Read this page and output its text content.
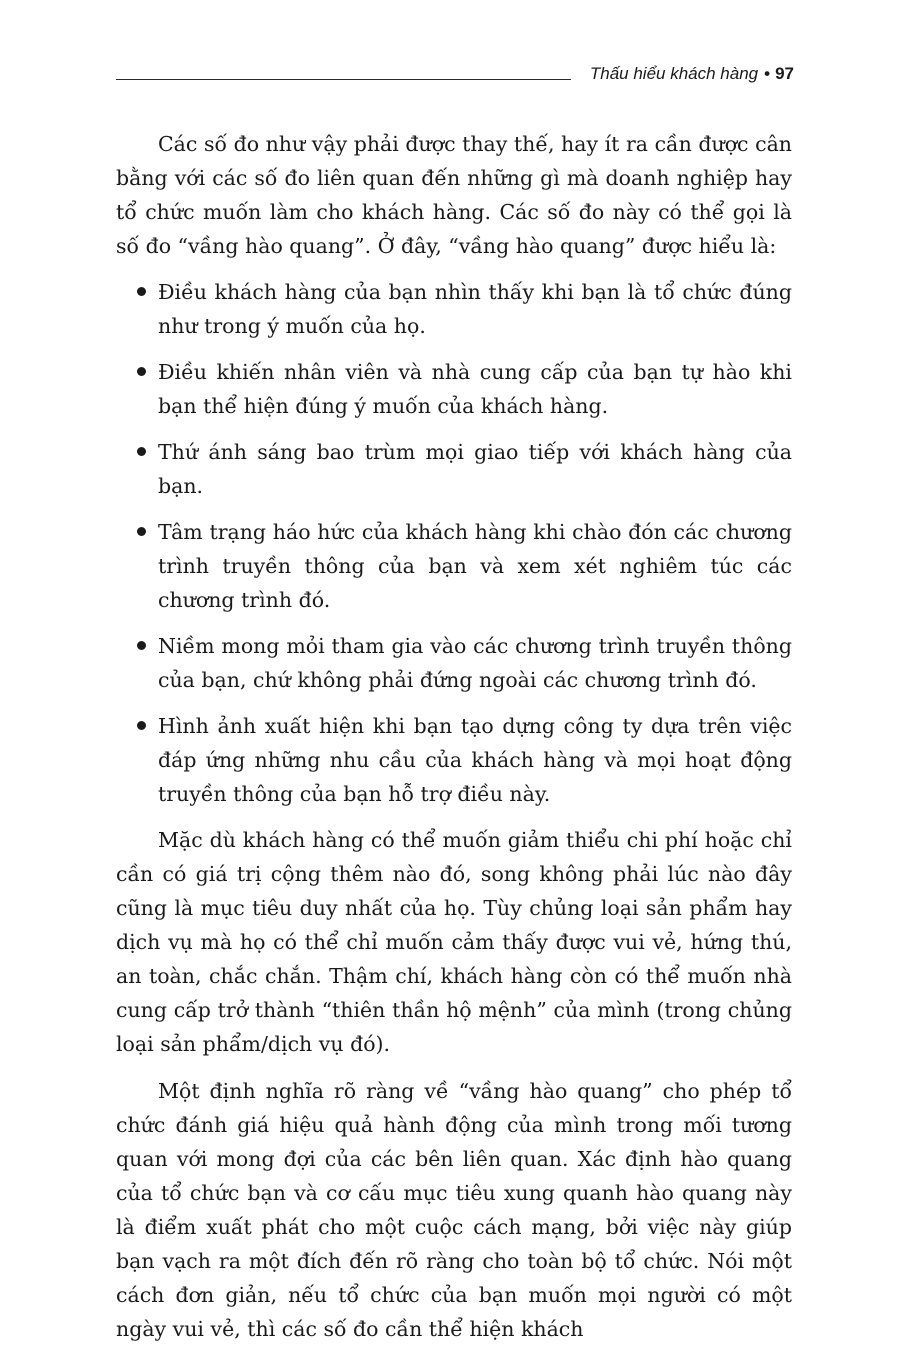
Thấu hiểu khách hàng • 97

Các số đo như vậy phải được thay thế, hay ít ra cần được cân bằng với các số đo liên quan đến những gì mà doanh nghiệp hay tổ chức muốn làm cho khách hàng. Các số đo này có thể gọi là số đo “vầng hào quang”. Ở đây, “vầng hào quang” được hiểu là:

Điều khách hàng của bạn nhìn thấy khi bạn là tổ chức đúng như trong ý muốn của họ.
Điều khiến nhân viên và nhà cung cấp của bạn tự hào khi bạn thể hiện đúng ý muốn của khách hàng.
Thứ ánh sáng bao trùm mọi giao tiếp với khách hàng của bạn.
Tâm trạng háo hức của khách hàng khi chào đón các chương trình truyền thông của bạn và xem xét nghiêm túc các chương trình đó.
Niềm mong mỏi tham gia vào các chương trình truyền thông của bạn, chứ không phải đứng ngoài các chương trình đó.
Hình ảnh xuất hiện khi bạn tạo dựng công ty dựa trên việc đáp ứng những nhu cầu của khách hàng và mọi hoạt động truyền thông của bạn hỗ trợ điều này.

Mặc dù khách hàng có thể muốn giảm thiểu chi phí hoặc chỉ cần có giá trị cộng thêm nào đó, song không phải lúc nào đây cũng là mục tiêu duy nhất của họ. Tùy chủng loại sản phẩm hay dịch vụ mà họ có thể chỉ muốn cảm thấy được vui vẻ, hứng thú, an toàn, chắc chắn. Thậm chí, khách hàng còn có thể muốn nhà cung cấp trở thành “thiên thần hộ mệnh” của mình (trong chủng loại sản phẩm/dịch vụ đó).

Một định nghĩa rõ ràng về “vầng hào quang” cho phép tổ chức đánh giá hiệu quả hành động của mình trong mối tương quan với mong đợi của các bên liên quan. Xác định hào quang của tổ chức bạn và cơ cấu mục tiêu xung quanh hào quang này là điểm xuất phát cho một cuộc cách mạng, bởi việc này giúp bạn vạch ra một đích đến rõ ràng cho toàn bộ tổ chức. Nói một cách đơn giản, nếu tổ chức của bạn muốn mọi người có một ngày vui vẻ, thì các số đo cần thể hiện khách
